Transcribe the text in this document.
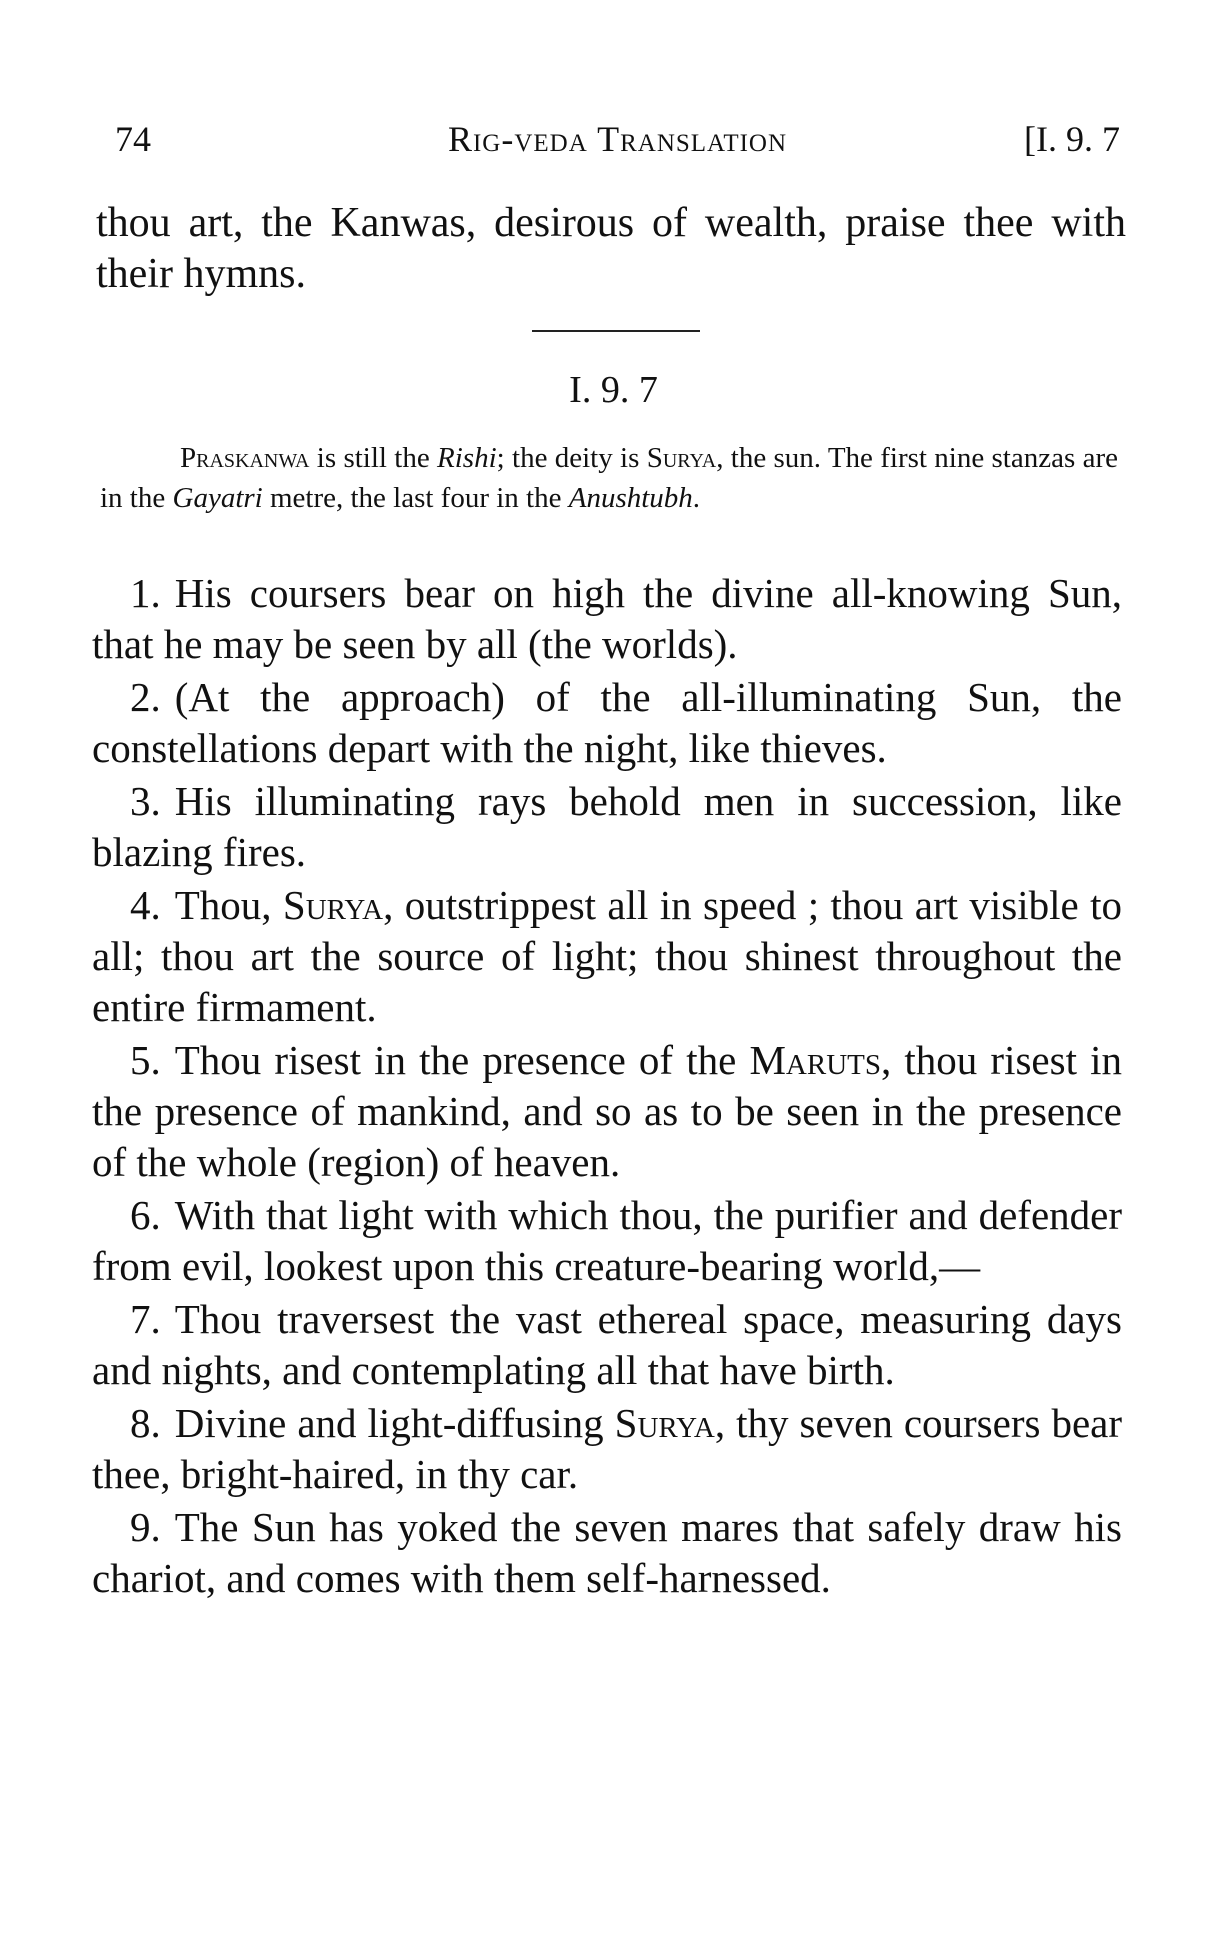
74	Rig-veda Translation	[I. 9. 7

thou art, the Kanwas, desirous of wealth, praise thee with their hymns.

I. 9. 7

Praskanwa is still the Rishi; the deity is Surya, the sun. The first nine stanzas are in the Gayatri metre, the last four in the Anushtubh.

1. His coursers bear on high the divine all-knowing Sun, that he may be seen by all (the worlds).

2. (At the approach) of the all-illuminating Sun, the constellations depart with the night, like thieves.

3. His illuminating rays behold men in succession, like blazing fires.

4. Thou, Surya, outstrippest all in speed ; thou art visible to all; thou art the source of light; thou shinest throughout the entire firmament.

5. Thou risest in the presence of the Maruts, thou risest in the presence of mankind, and so as to be seen in the presence of the whole (region) of heaven.

6. With that light with which thou, the purifier and defender from evil, lookest upon this creature-bearing world,—

7. Thou traversest the vast ethereal space, measuring days and nights, and contemplating all that have birth.

8. Divine and light-diffusing Surya, thy seven coursers bear thee, bright-haired, in thy car.

9. The Sun has yoked the seven mares that safely draw his chariot, and comes with them self-harnessed.
